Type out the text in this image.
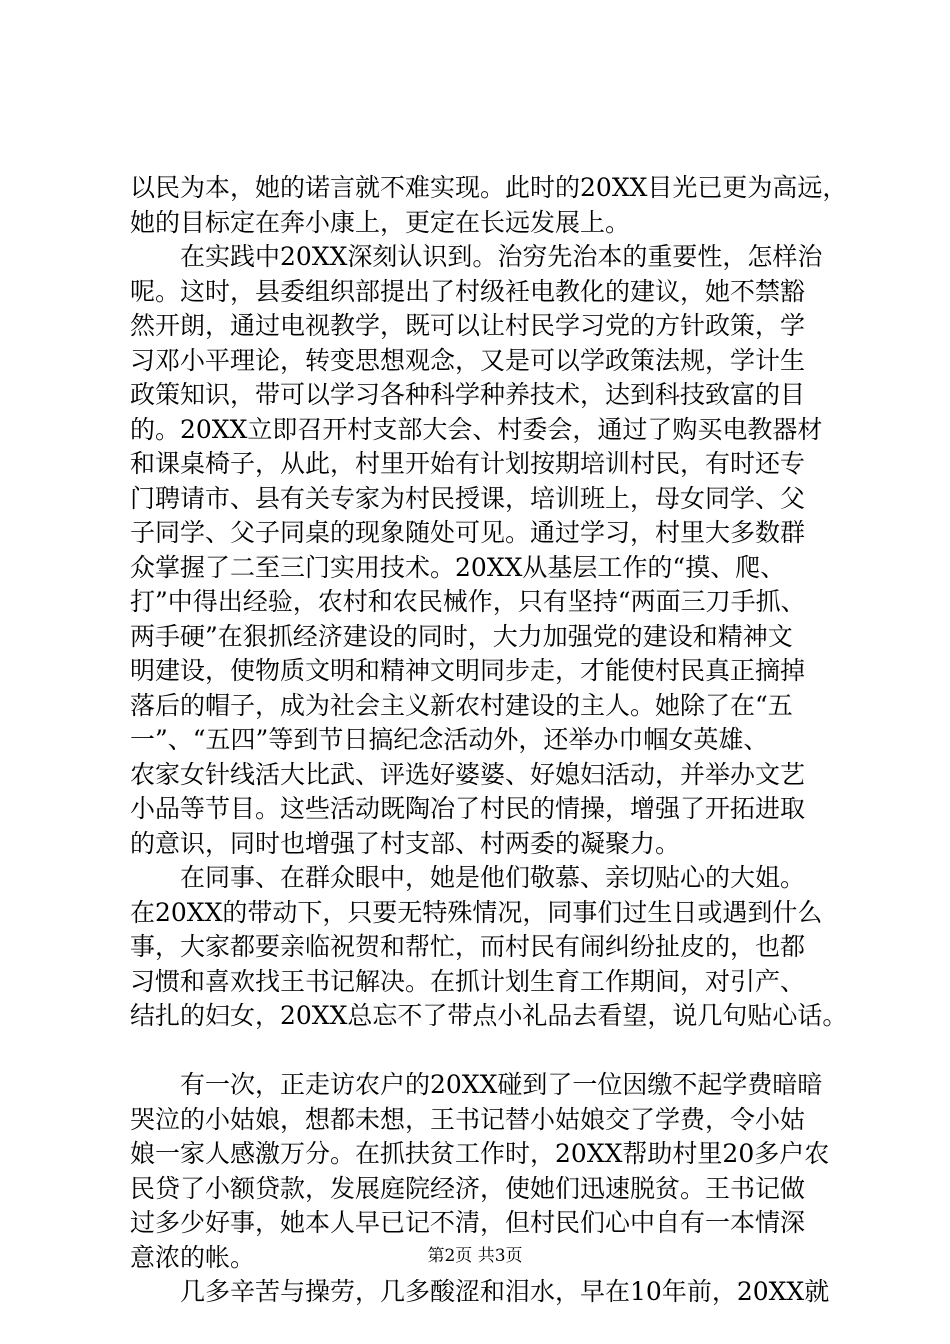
以民为本，她的诺言就不难实现。此时的20XX目光已更为高远，
她的目标定在奔小康上，更定在长远发展上。
在实践中20XX深刻认识到。治穷先治本的重要性，怎样治
呢。这时，县委组织部提出了村级衽电教化的建议，她不禁豁
然开朗，通过电视教学，既可以让村民学习党的方针政策，学
习邓小平理论，转变思想观念，又是可以学政策法规，学计生
政策知识，带可以学习各种科学种养技术，达到科技致富的目
的。20XX立即召开村支部大会、村委会，通过了购买电教器材
和课桌椅子，从此，村里开始有计划按期培训村民，有时还专
门聘请市、县有关专家为村民授课，培训班上，母女同学、父
子同学、父子同桌的现象随处可见。通过学习，村里大多数群
众掌握了二至三门实用技术。20XX从基层工作的“摸、爬、
打”中得出经验，农村和农民械作，只有坚持“两面三刀手抓、
两手硬”在狠抓经济建设的同时，大力加强党的建设和精神文
明建设，使物质文明和精神文明同步走，才能使村民真正摘掉
落后的帽子，成为社会主义新农村建设的主人。她除了在“五
一”、“五四”等到节日搞纪念活动外，还举办巾帼女英雄、
农家女针线活大比武、评选好婆婆、好媳妇活动，并举办文艺
小品等节目。这些活动既陶冶了村民的情操，增强了开拓进取
的意识，同时也增强了村支部、村两委的凝聚力。
在同事、在群众眼中，她是他们敬慕、亲切贴心的大姐。
在20XX的带动下，只要无特殊情况，同事们过生日或遇到什么
事，大家都要亲临祝贺和帮忙，而村民有闹纠纷扯皮的，也都
习惯和喜欢找王书记解决。在抓计划生育工作期间，对引产、
结扎的妇女，20XX总忘不了带点小礼品去看望，说几句贴心话。
有一次，正走访农户的20XX碰到了一位因缴不起学费暗暗
哭泣的小姑娘，想都未想，王书记替小姑娘交了学费，令小姑
娘一家人感激万分。在抓扶贫工作时，20XX帮助村里20多户农
民贷了小额贷款，发展庭院经济，使她们迅速脱贫。王书记做
过多少好事，她本人早已记不清，但村民们心中自有一本情深
意浓的帐。
几多辛苦与操劳，几多酸涩和泪水，早在10年前，20XX就
第2页 共3页
